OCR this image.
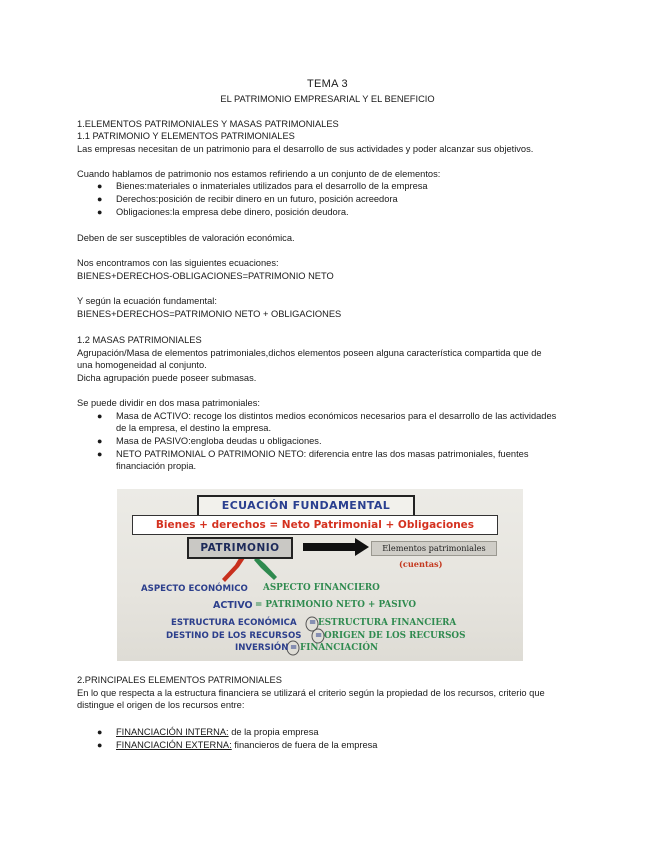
TEMA 3
EL PATRIMONIO EMPRESARIAL Y EL BENEFICIO
1.ELEMENTOS PATRIMONIALES Y MASAS PATRIMONIALES
1.1 PATRIMONIO Y ELEMENTOS PATRIMONIALES
Las empresas necesitan de un patrimonio para el desarrollo de sus actividades y poder alcanzar sus objetivos.
Cuando hablamos de patrimonio nos estamos refiriendo a un conjunto de de elementos:
● Bienes:materiales o inmateriales utilizados para el desarrollo de la empresa
● Derechos:posición de recibir dinero en un futuro, posición acreedora
● Obligaciones:la empresa debe dinero, posición deudora.
Deben de ser susceptibles de valoración económica.
Nos encontramos con las siguientes ecuaciones:
BIENES+DERECHOS-OBLIGACIONES=PATRIMONIO NETO
Y según la ecuación fundamental:
BIENES+DERECHOS=PATRIMONIO NETO + OBLIGACIONES
1.2 MASAS PATRIMONIALES
Agrupación/Masa de elementos patrimoniales,dichos elementos poseen alguna característica compartida que de
una homogeneidad al conjunto.
Dicha agrupación puede poseer submasas.
Se puede dividir en dos masa patrimoniales:
● Masa de ACTIVO: recoge los distintos medios económicos necesarios para el desarrollo de las actividades
de la empresa, el destino la empresa.
● Masa de PASIVO:engloba deudas u obligaciones.
● NETO PATRIMONIAL O PATRIMONIO NETO: diferencia entre las dos masas patrimoniales, fuentes
financiación propia.
ECUACIÓN FUNDAMENTAL
Bienes + derechos = Neto Patrimonial + Obligaciones
PATRIMONIO	Elementos patrimoniales
(cuentas)
ASPECTO ECONÓMICO ASPECTO FINANCIERO
ACTIVO = PATRIMONIO NETO + PASIVO
ESTRUCTURA ECONÓMICA = ESTRUCTURA FINANCIERA
DESTINO DE LOS RECURSOS = ORIGEN DE LOS RECURSOS
INVERSIÓN = FINANCIACIÓN
2.PRINCIPALES ELEMENTOS PATRIMONIALES
En lo que respecta a la estructura financiera se utilizará el criterio según la propiedad de los recursos, criterio que
distingue el origen de los recursos entre:
● FINANCIACIÓN INTERNA: de la propia empresa
● FINANCIACIÓN EXTERNA: financieros de fuera de la empresa
